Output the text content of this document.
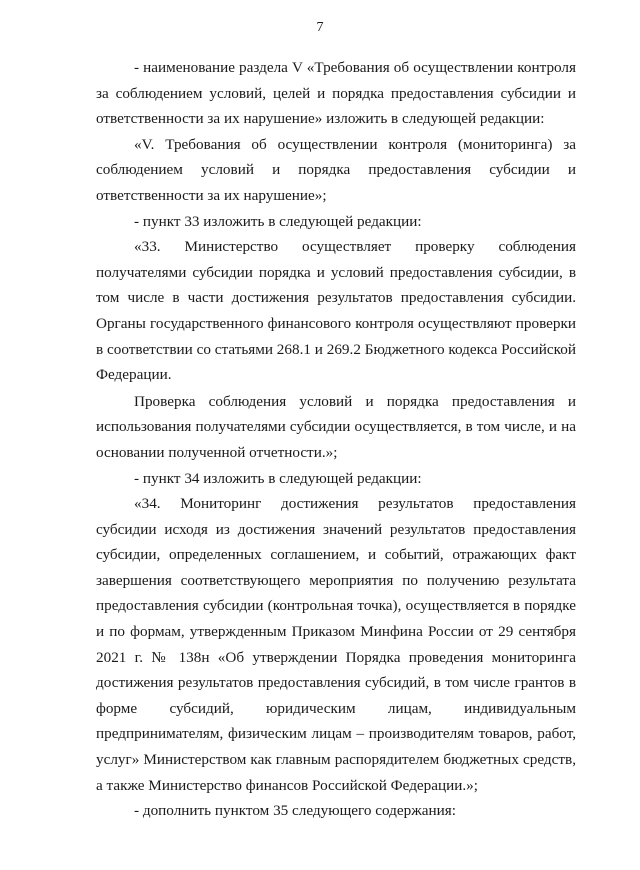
7

- наименование раздела V «Требования об осуществлении контроля за соблюдением условий, целей и порядка предоставления субсидии и ответственности за их нарушение» изложить в следующей редакции:

«V. Требования об осуществлении контроля (мониторинга) за соблюдением условий и порядка предоставления субсидии и ответственности за их нарушение»;

- пункт 33 изложить в следующей редакции:

«33. Министерство осуществляет проверку соблюдения получателями субсидии порядка и условий предоставления субсидии, в том числе в части достижения результатов предоставления субсидии. Органы государственного финансового контроля осуществляют проверки в соответствии со статьями 268.1 и 269.2 Бюджетного кодекса Российской Федерации.

Проверка соблюдения условий и порядка предоставления и использования получателями субсидии осуществляется, в том числе, и на основании полученной отчетности.»;

- пункт 34 изложить в следующей редакции:

«34. Мониторинг достижения результатов предоставления субсидии исходя из достижения значений результатов предоставления субсидии, определенных соглашением, и событий, отражающих факт завершения соответствующего мероприятия по получению результата предоставления субсидии (контрольная точка), осуществляется в порядке и по формам, утвержденным Приказом Минфина России от 29 сентября 2021 г. № 138н «Об утверждении Порядка проведения мониторинга достижения результатов предоставления субсидий, в том числе грантов в форме субсидий, юридическим лицам, индивидуальным предпринимателям, физическим лицам – производителям товаров, работ, услуг» Министерством как главным распорядителем бюджетных средств, а также Министерство финансов Российской Федерации.»;

- дополнить пунктом 35 следующего содержания:
